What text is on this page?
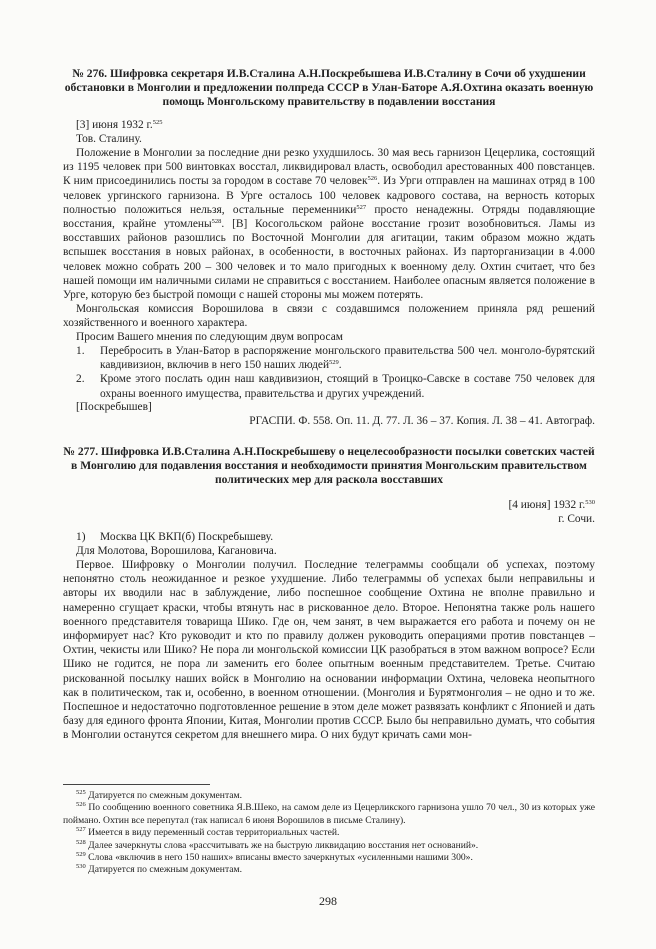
№ 276. Шифровка секретаря И.В.Сталина А.Н.Поскребышева И.В.Сталину в Сочи об ухудшении обстановки в Монголии и предложении полпреда СССР в Улан-Баторе А.Я.Охтина оказать военную помощь Монгольскому правительству в подавлении восстания
[3] июня 1932 г.$^{525}$
Тов. Сталину.

Положение в Монголии за последние дни резко ухудшилось. 30 мая весь гарнизон Цецерлика, состоящий из 1195 человек при 500 винтовках восстал, ликвидировал власть, освободил арестованных 400 повстанцев. К ним присоединились посты за городом в составе 70 человек$^{526}$. Из Урги отправлен на машинах отряд в 100 человек ургинского гарнизона. В Урге осталось 100 человек кадрового состава, на верность которых полностью положиться нельзя, остальные переменники$^{527}$ просто ненадежны. Отряды подавляющие восстания, крайне утомлены$^{528}$. [В] Косогольском районе восстание грозит возобновиться. Ламы из восставших районов разошлись по Восточной Монголии для агитации, таким образом можно ждать вспышек восстания в новых районах, в особенности, в восточных районах. Из парторганизации в 4.000 человек можно собрать 200 – 300 человек и то мало пригодных к военному делу. Охтин считает, что без нашей помощи им наличными силами не справиться с восстанием. Наиболее опасным является положение в Урге, которую без быстрой помощи с нашей стороны мы можем потерять.

Монгольская комиссия Ворошилова в связи с создавшимся положением приняла ряд решений хозяйственного и военного характера.

Просим Вашего мнения по следующим двум вопросам

1.	Перебросить в Улан-Батор в распоряжение монгольского правительства 500 чел. монголо-бурятский кавдивизион, включив в него 150 наших людей$^{529}$.
2.	Кроме этого послать один наш кавдивизион, стоящий в Троицко-Савске в составе 750 человек для охраны военного имущества, правительства и других учреждений.
[Поскребышев]
РГАСПИ. Ф. 558. Оп. 11. Д. 77. Л. 36 – 37. Копия. Л. 38 – 41. Автограф.
№ 277. Шифровка И.В.Сталина А.Н.Поскребышеву о нецелесообразности посылки советских частей в Монголию для подавления восстания и необходимости принятия Монгольским правительством политических мер для раскола восставших
[4 июня] 1932 г.$^{530}$
г. Сочи.
1)	Москва ЦК ВКП(б) Поскребышеву.
Для Молотова, Ворошилова, Кагановича.

Первое. Шифровку о Монголии получил. Последние телеграммы сообщали об успехах, поэтому непонятно столь неожиданное и резкое ухудшение. Либо телеграммы об успехах были неправильны и авторы их вводили нас в заблуждение, либо поспешное сообщение Охтина не вполне правильно и намеренно сгущает краски, чтобы втянуть нас в рискованное дело. Второе. Непонятна также роль нашего военного представителя товарища Шико. Где он, чем занят, в чем выражается его работа и почему он не информирует нас? Кто руководит и кто по правилу должен руководить операциями против повстанцев – Охтин, чекисты или Шико? Не пора ли монгольской комиссии ЦК разобраться в этом важном вопросе? Если Шико не годится, не пора ли заменить его более опытным военным представителем. Третье. Считаю рискованной посылку наших войск в Монголию на основании информации Охтина, человека неопытного как в политическом, так и, особенно, в военном отношении. (Монголия и Бурятмонголия – не одно и то же. Поспешное и недостаточно подготовленное решение в этом деле может развязать конфликт с Японией и дать базу для единого фронта Японии, Китая, Монголии против СССР. Было бы неправильно думать, что события в Монголии останутся секретом для внешнего мира. О них будут кричать сами мон-

$^{525}$ Датируется по смежным документам.

$^{526}$ По сообщению военного советника Я.В.Шеко, на самом деле из Цецерликского гарнизона ушло 70 чел., 30 из которых уже поймано. Охтин все перепутал (так написал 6 июня Ворошилов в письме Сталину).

$^{527}$ Имеется в виду переменный состав территориальных частей.

$^{528}$ Далее зачеркнуты слова «рассчитывать же на быструю ликвидацию восстания нет оснований».

$^{529}$ Слова «включив в него 150 наших» вписаны вместо зачеркнутых «усиленными нашими 300».

$^{530}$ Датируется по смежным документам.

298
